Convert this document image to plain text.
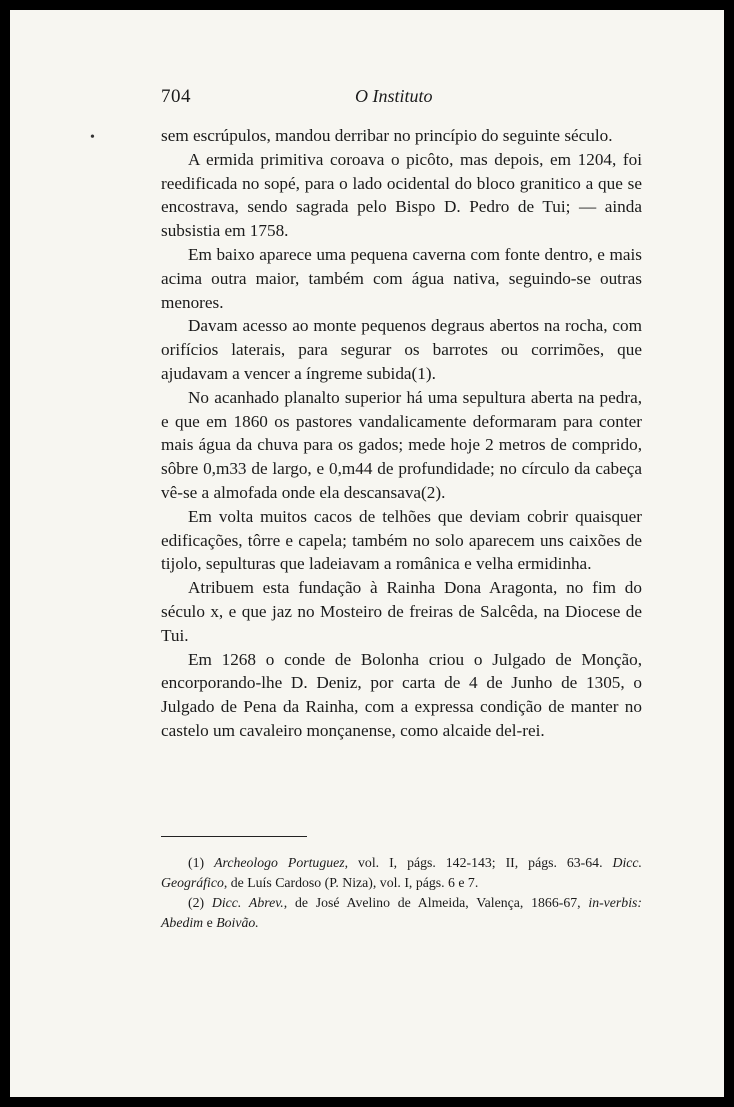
•
704	O Instituto

sem escrúpulos, mandou derribar no princípio do seguinte século.

A ermida primitiva coroava o picôto, mas depois, em 1204, foi reedificada no sopé, para o lado ocidental do bloco granitico a que se encostrava, sendo sagrada pelo Bispo D. Pedro de Tui; — ainda subsistia em 1758.

Em baixo aparece uma pequena caverna com fonte dentro, e mais acima outra maior, também com água nativa, seguindo-se outras menores.

Davam acesso ao monte pequenos degraus abertos na rocha, com orifícios laterais, para segurar os barrotes ou corrimões, que ajudavam a vencer a íngreme subida(1).

No acanhado planalto superior há uma sepultura aberta na pedra, e que em 1860 os pastores vandalicamente deformaram para conter mais água da chuva para os gados; mede hoje 2 metros de comprido, sôbre 0,m33 de largo, e 0,m44 de profundidade; no círculo da cabeça vê-se a almofada onde ela descansava(2).

Em volta muitos cacos de telhões que deviam cobrir quaisquer edificações, tôrre e capela; também no solo aparecem uns caixões de tijolo, sepulturas que ladeiavam a românica e velha ermidinha.

Atribuem esta fundação à Rainha Dona Aragonta, no fim do século x, e que jaz no Mosteiro de freiras de Salcêda, na Diocese de Tui.

Em 1268 o conde de Bolonha criou o Julgado de Monção, encorporando-lhe D. Deniz, por carta de 4 de Junho de 1305, o Julgado de Pena da Rainha, com a expressa condição de manter no castelo um cavaleiro monçanense, como alcaide del-rei.

(1) Archeologo Portuguez, vol. I, págs. 142-143; II, págs. 63-64. Dicc. Geográfico, de Luís Cardoso (P. Niza), vol. I, págs. 6 e 7.

(2) Dicc. Abrev., de José Avelino de Almeida, Valença, 1866-67, in-verbis: Abedim e Boivão.
